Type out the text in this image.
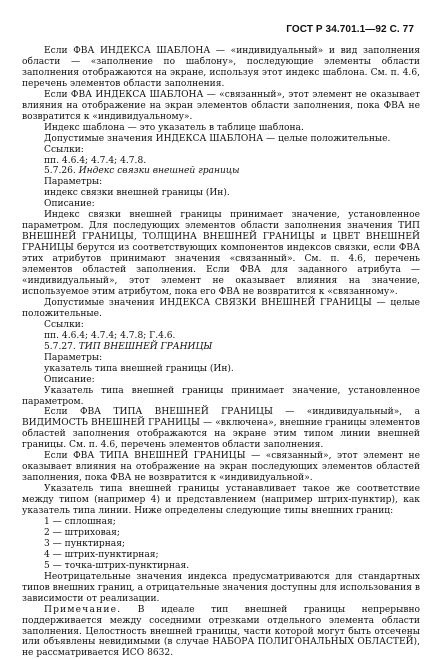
ГОСТ Р 34.701.1—92 С. 77

Если ФВА ИНДЕКСА ШАБЛОНА — «индивидуальный» и вид заполнения области — «заполнение по шаблону», последующие элементы области заполнения отображаются на экране, используя этот индекс шаблона. См. п. 4.6, перечень элементов области заполнения.

Если ФВА ИНДЕКСА ШАБЛОНА — «связанный», этот элемент не оказывает влияния на отображение на экран элементов области заполнения, пока ФВА не возвратится к «индивидуальному».

Индекс шаблона — это указатель в таблице шаблона.

Допустимые значения ИНДЕКСА ШАБЛОНА — целые положительные.

Ссылки:

пп. 4.6.4; 4.7.4; 4.7.8.

5.7.26. Индекс связки внешней границы

Параметры:

индекс связки внешней границы (Ин).

Описание:

Индекс связки внешней границы принимает значение, установленное параметром. Для последующих элементов области заполнения значения ТИП ВНЕШНЕЙ ГРАНИЦЫ, ТОЛЩИНА ВНЕШНЕЙ ГРАНИЦЫ и ЦВЕТ ВНЕШНЕЙ ГРАНИЦЫ берутся из соответствующих компонентов индексов связки, если ФВА этих атрибутов принимают значения «связанный». См. п. 4.6, перечень элементов областей заполнения. Если ФВА для заданного атрибута — «индивидуальный», этот элемент не оказывает влияния на значение, используемое этим атрибутом, пока его ФВА не возвратится к «связанному».

Допустимые значения ИНДЕКСА СВЯЗКИ ВНЕШНЕЙ ГРАНИЦЫ — целые положительные.

Ссылки:

пп. 4.6.4; 4.7.4; 4.7.8; Г.4.6.

5.7.27. ТИП ВНЕШНЕЙ ГРАНИЦЫ

Параметры:

указатель типа внешней границы (Ин).

Описание:

Указатель типа внешней границы принимает значение, установленное параметром.

Если ФВА ТИПА ВНЕШНЕЙ ГРАНИЦЫ — «индивидуальный», а ВИДИМОСТЬ ВНЕШНЕЙ ГРАНИЦЫ — «включена», внешние границы элементов областей заполнения отображаются на экране этим типом линии внешней границы. См. п. 4.6, перечень элементов области заполнения.

Если ФВА ТИПА ВНЕШНЕЙ ГРАНИЦЫ — «связанный», этот элемент не оказывает влияния на отображение на экран последующих элементов областей заполнения, пока ФВА не возвратится к «индивидуальной».

Указатель типа внешней границы устанавливает такое же соответствие между типом (например 4) и представлением (например штрих-пунктир), как указатель типа линии. Ниже определены следующие типы внешних границ:

1 — сплошная;

2 — штриховая;

3 — пунктирная;

4 — штрих-пунктирная;

5 — точка-штрих-пунктирная.

Неотрицательные значения индекса предусматриваются для стандартных типов внешних границ, а отрицательные значения доступны для использования в зависимости от реализации.

Примечание. В идеале тип внешней границы непрерывно поддерживается между соседними отрезками отдельного элемента области заполнения. Целостность внешней границы, части которой могут быть отсечены или объявлены невидимыми (в случае НАБОРА ПОЛИГОНАЛЬНЫХ ОБЛАСТЕЙ), не рассматривается ИСО 8632.
